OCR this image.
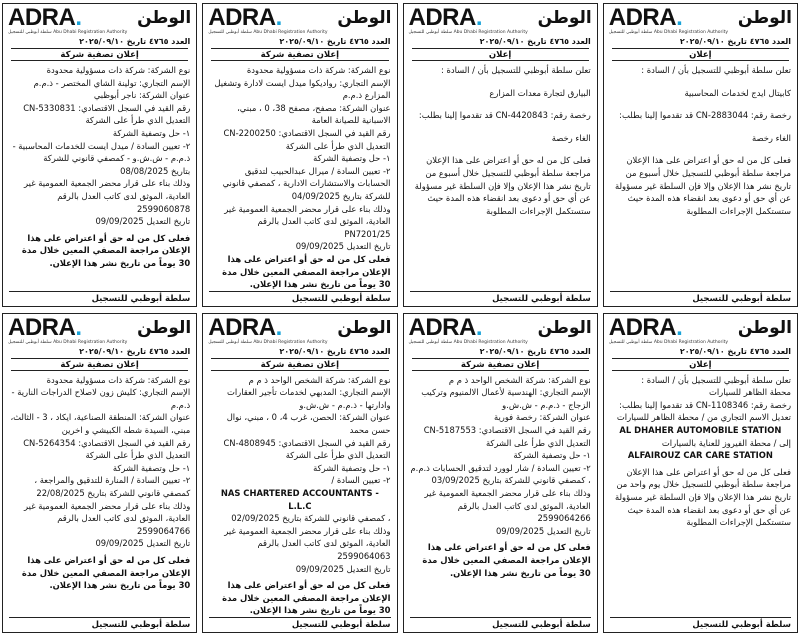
ADRA .
سلطة أبوظبي للتسجيل Abu Dhabi Registration Authority
الوطن
العدد ٤٧٦٥ تاريخ ٢٠٢٥/٠٩/١٠
إعلان تصفية شركة

نوع الشركة: شركة ذات مسؤولية محدودة

الإسم التجاري: تولينة الشاي المختصر - ذ.م.م

عنوان الشركة: ناجر أبوظبي

رقم القيد في السجل الاقتصادي: CN-5330831

التعديل الذي طرأ على الشركة

١- حل وتصفية الشركة

٢- تعيين السادة / ميدل ايست للخدمات المحاسبية - ذ.م.م - ش.ش.و - كمصفي قانوني للشركة

بتاريخ 08/08/2025

وذلك بناء على قرار محضر الجمعية العمومية غير العادية، الموثق لدى كاتب العدل بالرقم 2599060878

تاريخ التعديل 09/09/2025

فعلى كل من له حق أو اعتراض على هذا الإعلان مراجعة المصفي المعين خلال مدة 30 يوماً من تاريخ نشر هذا الإعلان.

سلطة أبوظبي للتسجيل
ADRA .
سلطة أبوظبي للتسجيل Abu Dhabi Registration Authority
الوطن
العدد ٤٧٦٥ تاريخ ٢٠٢٥/٠٩/١٠
إعلان تصفية شركة

نوع الشركة: شركة ذات مسؤولية محدودة

الإسم التجاري: رواديكوا ميدل ايست لادارة وتشغيل المزارع ذ.م.م

عنوان الشركة: مصفح، مصفح 38، 0 ، مبني، الاسبانية للصيانة العامة

رقم القيد في السجل الاقتصادي: CN-2200250

التعديل الذي طرأ على الشركة

١- حل وتصفية الشركة

٢- تعيين السادة / ميرال عبدالحبيب لتدقيق الحسابات والاستشارات الادارية ، كمصفي قانوني للشركة بتاريخ 04/09/2025

وذلك بناء على قرار محضر الجمعية العمومية غير العادية، الموثق لدى كاتب العدل بالرقم PN7201/25

تاريخ التعديل 09/09/2025

فعلى كل من له حق أو اعتراض على هذا الإعلان مراجعة المصفي المعين خلال مدة 30 يوماً من تاريخ نشر هذا الإعلان.

سلطة أبوظبي للتسجيل
ADRA .
سلطة أبوظبي للتسجيل Abu Dhabi Registration Authority
الوطن
العدد ٤٧٦٥ تاريخ ٢٠٢٥/٠٩/١٠
إعلان

تعلن سلطة أبوظبي للتسجيل بأن / السادة :

البيارق لتجارة معدات المزارع

رخصة رقم: CN-4420843 قد تقدموا إلينا بطلب:

الغاء رخصة

فعلى كل من له حق أو اعتراض على هذا الإعلان مراجعة سلطة أبوظبي للتسجيل خلال أسبوع من تاريخ نشر هذا الإعلان وإلا فإن السلطة غير مسؤولة عن أي حق أو دعوى بعد انقضاء هذه المدة حيث ستستكمل الإجراءات المطلوبة

سلطة أبوظبي للتسجيل
ADRA .
سلطة أبوظبي للتسجيل Abu Dhabi Registration Authority
الوطن
العدد ٤٧٦٥ تاريخ ٢٠٢٥/٠٩/١٠
إعلان

تعلن سلطة أبوظبي للتسجيل بأن / السادة :

كابيتال ايدج لخدمات المحاسبية

رخصة رقم: CN-2883044 قد تقدموا إلينا بطلب:

الغاء رخصة

فعلى كل من له حق أو اعتراض على هذا الإعلان مراجعة سلطة أبوظبي للتسجيل خلال أسبوع من تاريخ نشر هذا الإعلان وإلا فإن السلطة غير مسؤولة عن أي حق أو دعوى بعد انقضاء هذه المدة حيث ستستكمل الإجراءات المطلوبة

سلطة أبوظبي للتسجيل
ADRA .
سلطة أبوظبي للتسجيل Abu Dhabi Registration Authority
الوطن
العدد ٤٧٦٥ تاريخ ٢٠٢٥/٠٩/١٠
إعلان تصفية شركة

نوع الشركة: شركة ذات مسؤولية محدودة

الإسم التجاري: كليش زون لاصلاح الدراجات النارية - ذ.م.م

عنوان الشركة: المنطقة الصناعية، ايكاد ، 3 - الثالث، مبني، السيدة شطه الكبيشي و اخرين

رقم القيد في السجل الاقتصادي: CN-5264354

التعديل الذي طرأ على الشركة

١- حل وتصفية الشركة

٢- تعيين السادة / المنارة للتدقيق والمراجعة ، كمصفي قانوني للشركة بتاريخ 22/08/2025

وذلك بناء على قرار محضر الجمعية العمومية غير العادية، الموثق لدى كاتب العدل بالرقم 2599064766

تاريخ التعديل 09/09/2025

فعلى كل من له حق أو اعتراض على هذا الإعلان مراجعة المصفي المعين خلال مدة 30 يوماً من تاريخ نشر هذا الإعلان.

سلطة أبوظبي للتسجيل
ADRA .
سلطة أبوظبي للتسجيل Abu Dhabi Registration Authority
الوطن
العدد ٤٧٦٥ تاريخ ٢٠٢٥/٠٩/١٠
إعلان تصفية شركة

نوع الشركة: شركة الشخص الواحد ذ م م

الإسم التجاري: المدبهي لخدمات تأجير العقارات وادارتها - ذ.م.م - ش.ش.و

عنوان الشركة: الحصن، غرب 4، 0 ، مبني، نوال حسن محمد

رقم القيد في السجل الاقتصادي: CN-4808945

التعديل الذي طرأ على الشركة

١- حل وتصفية الشركة

٢- تعيين السادة /

NAS CHARTERED ACCOUNTANTS - L.L.C

، كمصفي قانوني للشركة بتاريخ 02/09/2025

وذلك بناء على قرار محضر الجمعية العمومية غير العادية، الموثق لدى كاتب العدل بالرقم 2599064063

تاريخ التعديل 09/09/2025

فعلى كل من له حق أو اعتراض على هذا الإعلان مراجعة المصفي المعين خلال مدة 30 يوماً من تاريخ نشر هذا الإعلان.

سلطة أبوظبي للتسجيل
ADRA .
سلطة أبوظبي للتسجيل Abu Dhabi Registration Authority
الوطن
العدد ٤٧٦٥ تاريخ ٢٠٢٥/٠٩/١٠
إعلان تصفية شركة

نوع الشركة: شركة الشخص الواحد ذ م م

الإسم التجاري: الهندسية لأعمال الالمنيوم وتركيب الزجاج - ذ.م.م - ش.ش.و

عنوان الشركة: رخصة فورية

رقم القيد في السجل الاقتصادي: CN-5187553

التعديل الذي طرأ على الشركة

١- حل وتصفية الشركة

٢- تعيين السادة / شار لوورد لتدقيق الحسابات ذ.م.م ، كمصفي قانوني للشركة بتاريخ 03/09/2025

وذلك بناء على قرار محضر الجمعية العمومية غير العادية، الموثق لدى كاتب العدل بالرقم 2599064266

تاريخ التعديل 09/09/2025

فعلى كل من له حق أو اعتراض على هذا الإعلان مراجعة المصفي المعين خلال مدة 30 يوماً من تاريخ نشر هذا الإعلان.

سلطة أبوظبي للتسجيل
ADRA .
سلطة أبوظبي للتسجيل Abu Dhabi Registration Authority
الوطن
العدد ٤٧٦٥ تاريخ ٢٠٢٥/٠٩/١٠
إعلان

تعلن سلطة أبوظبي للتسجيل بأن / السادة :

محطة الظاهر للسيارات

رخصة رقم: CN-1108346 قد تقدموا إلينا بطلب:

تعديل الاسم التجاري من / محطة الظاهر للسيارات

AL DHAHER AUTOMOBILE STATION

إلى / محطة الفيروز للعناية بالسيارات

ALFAIROUZ CAR CARE STATION

فعلى كل من له حق أو اعتراض على هذا الإعلان مراجعة سلطة أبوظبي للتسجيل خلال يوم واحد من تاريخ نشر هذا الإعلان وإلا فإن السلطة غير مسؤولة عن أي حق أو دعوى بعد انقضاء هذه المدة حيث ستستكمل الإجراءات المطلوبة

سلطة أبوظبي للتسجيل
